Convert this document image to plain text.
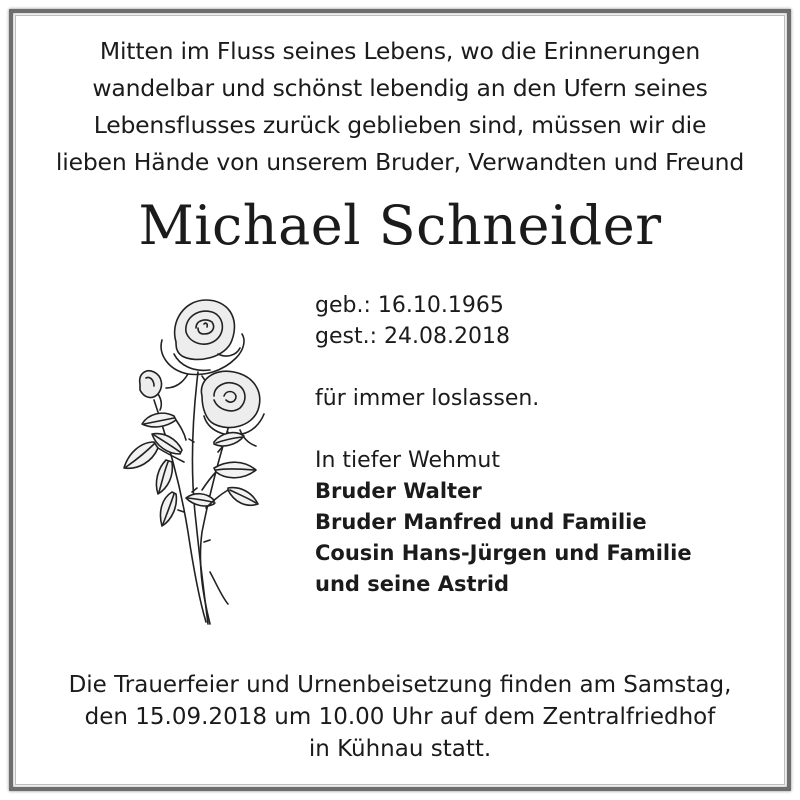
Mitten im Fluss seines Lebens, wo die Erinnerungen
wandelbar und schönst lebendig an den Ufern seines
Lebensflusses zurück geblieben sind, müssen wir die
lieben Hände von unserem Bruder, Verwandten und Freund
Michael Schneider
geb.: 16.10.1965
gest.: 24.08.2018
für immer loslassen.
In tiefer Wehmut
Bruder Walter
Bruder Manfred und Familie
Cousin Hans-Jürgen und Familie
und seine Astrid
Die Trauerfeier und Urnenbeisetzung finden am Samstag,
den 15.09.2018 um 10.00 Uhr auf dem Zentralfriedhof
in Kühnau statt.
